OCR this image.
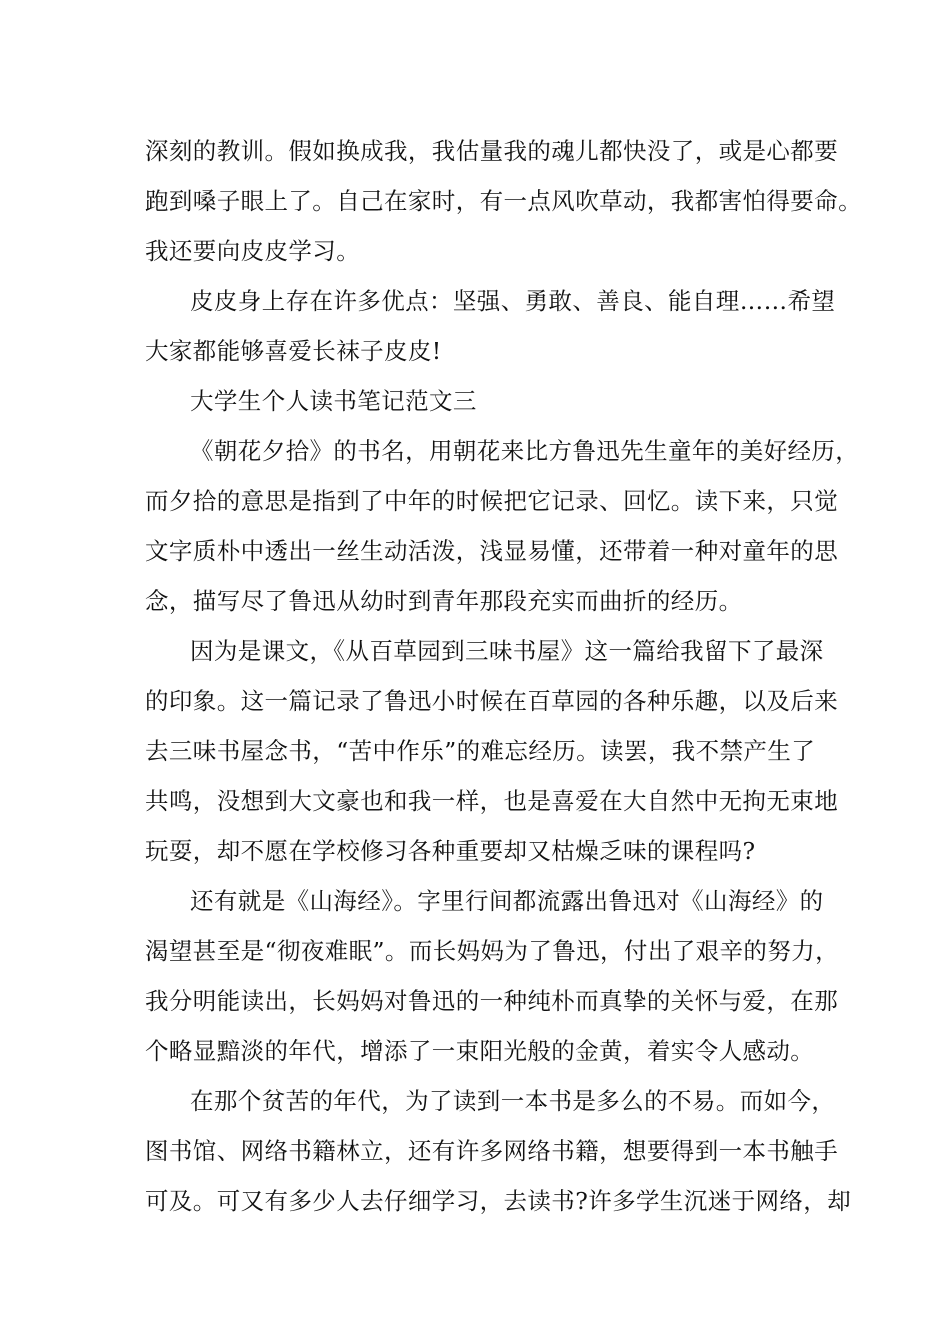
深刻的教训。假如换成我，我估量我的魂儿都快没了，或是心都要
跑到嗓子眼上了。自己在家时，有一点风吹草动，我都害怕得要命。
我还要向皮皮学习。
皮皮身上存在许多优点：坚强、勇敢、善良、能自理……希望
大家都能够喜爱长袜子皮皮!
大学生个人读书笔记范文三
《朝花夕拾》的书名，用朝花来比方鲁迅先生童年的美好经历，
而夕拾的意思是指到了中年的时候把它记录、回忆。读下来，只觉
文字质朴中透出一丝生动活泼，浅显易懂，还带着一种对童年的思
念，描写尽了鲁迅从幼时到青年那段充实而曲折的经历。
因为是课文，《从百草园到三味书屋》这一篇给我留下了最深
的印象。这一篇记录了鲁迅小时候在百草园的各种乐趣，以及后来
去三味书屋念书，“苦中作乐”的难忘经历。读罢，我不禁产生了
共鸣，没想到大文豪也和我一样，也是喜爱在大自然中无拘无束地
玩耍，却不愿在学校修习各种重要却又枯燥乏味的课程吗?
还有就是《山海经》。字里行间都流露出鲁迅对《山海经》的
渴望甚至是“彻夜难眠”。而长妈妈为了鲁迅，付出了艰辛的努力，
我分明能读出，长妈妈对鲁迅的一种纯朴而真挚的关怀与爱，在那
个略显黯淡的年代，增添了一束阳光般的金黄，着实令人感动。
在那个贫苦的年代，为了读到一本书是多么的不易。而如今，
图书馆、网络书籍林立，还有许多网络书籍，想要得到一本书触手
可及。可又有多少人去仔细学习，去读书?许多学生沉迷于网络，却
